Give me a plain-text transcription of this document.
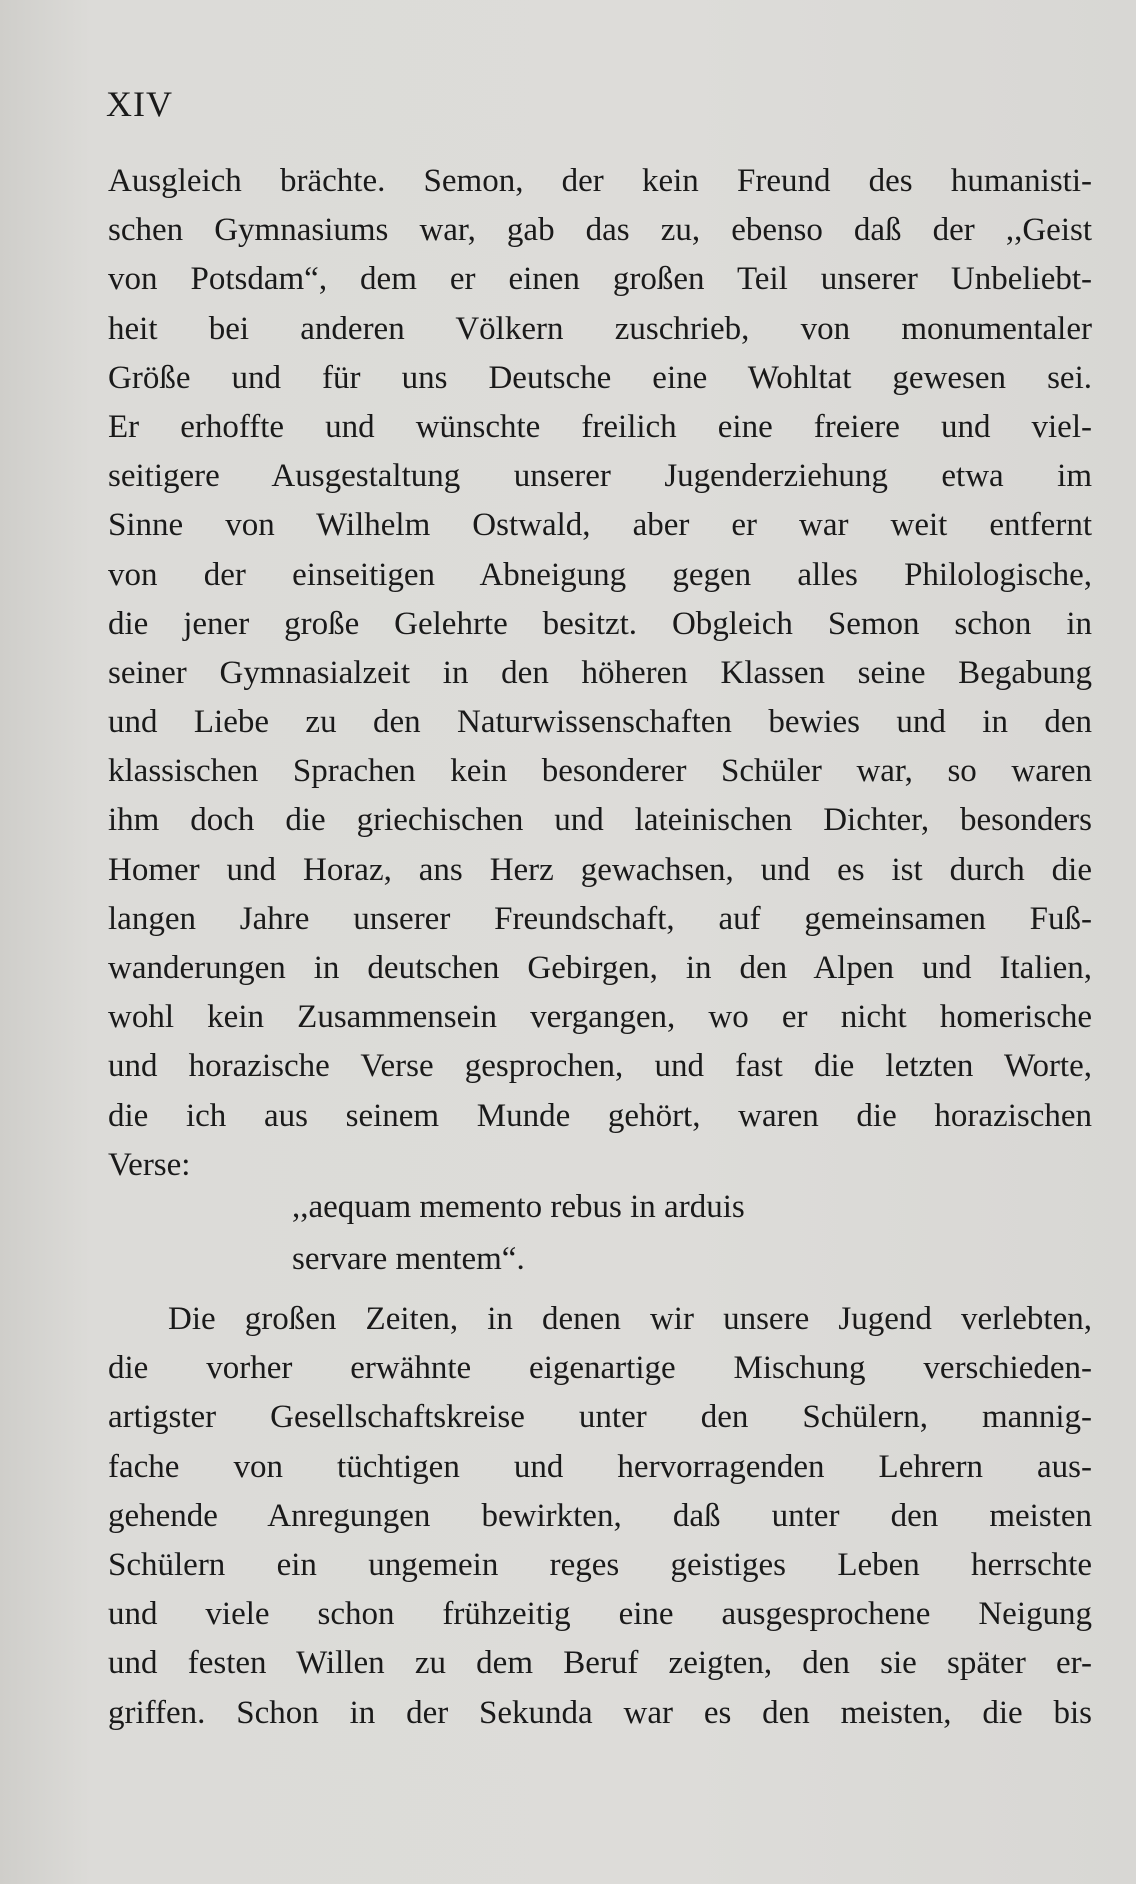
XIV
Ausgleich brächte. Semon, der kein Freund des humanisti-
schen Gymnasiums war, gab das zu, ebenso daß der ,,Geist
von Potsdam“, dem er einen großen Teil unserer Unbeliebt-
heit bei anderen Völkern zuschrieb, von monumentaler
Größe und für uns Deutsche eine Wohltat gewesen sei.
Er erhoffte und wünschte freilich eine freiere und viel-
seitigere Ausgestaltung unserer Jugenderziehung etwa im
Sinne von Wilhelm Ostwald, aber er war weit entfernt
von der einseitigen Abneigung gegen alles Philologische,
die jener große Gelehrte besitzt. Obgleich Semon schon in
seiner Gymnasialzeit in den höheren Klassen seine Begabung
und Liebe zu den Naturwissenschaften bewies und in den
klassischen Sprachen kein besonderer Schüler war, so waren
ihm doch die griechischen und lateinischen Dichter, besonders
Homer und Horaz, ans Herz gewachsen, und es ist durch die
langen Jahre unserer Freundschaft, auf gemeinsamen Fuß-
wanderungen in deutschen Gebirgen, in den Alpen und Italien,
wohl kein Zusammensein vergangen, wo er nicht homerische
und horazische Verse gesprochen, und fast die letzten Worte,
die ich aus seinem Munde gehört, waren die horazischen
Verse:
,,aequam memento rebus in arduis
servare mentem“.
Die großen Zeiten, in denen wir unsere Jugend verlebten,
die vorher erwähnte eigenartige Mischung verschieden-
artigster Gesellschaftskreise unter den Schülern, mannig-
fache von tüchtigen und hervorragenden Lehrern aus-
gehende Anregungen bewirkten, daß unter den meisten
Schülern ein ungemein reges geistiges Leben herrschte
und viele schon frühzeitig eine ausgesprochene Neigung
und festen Willen zu dem Beruf zeigten, den sie später er-
griffen. Schon in der Sekunda war es den meisten, die bis
